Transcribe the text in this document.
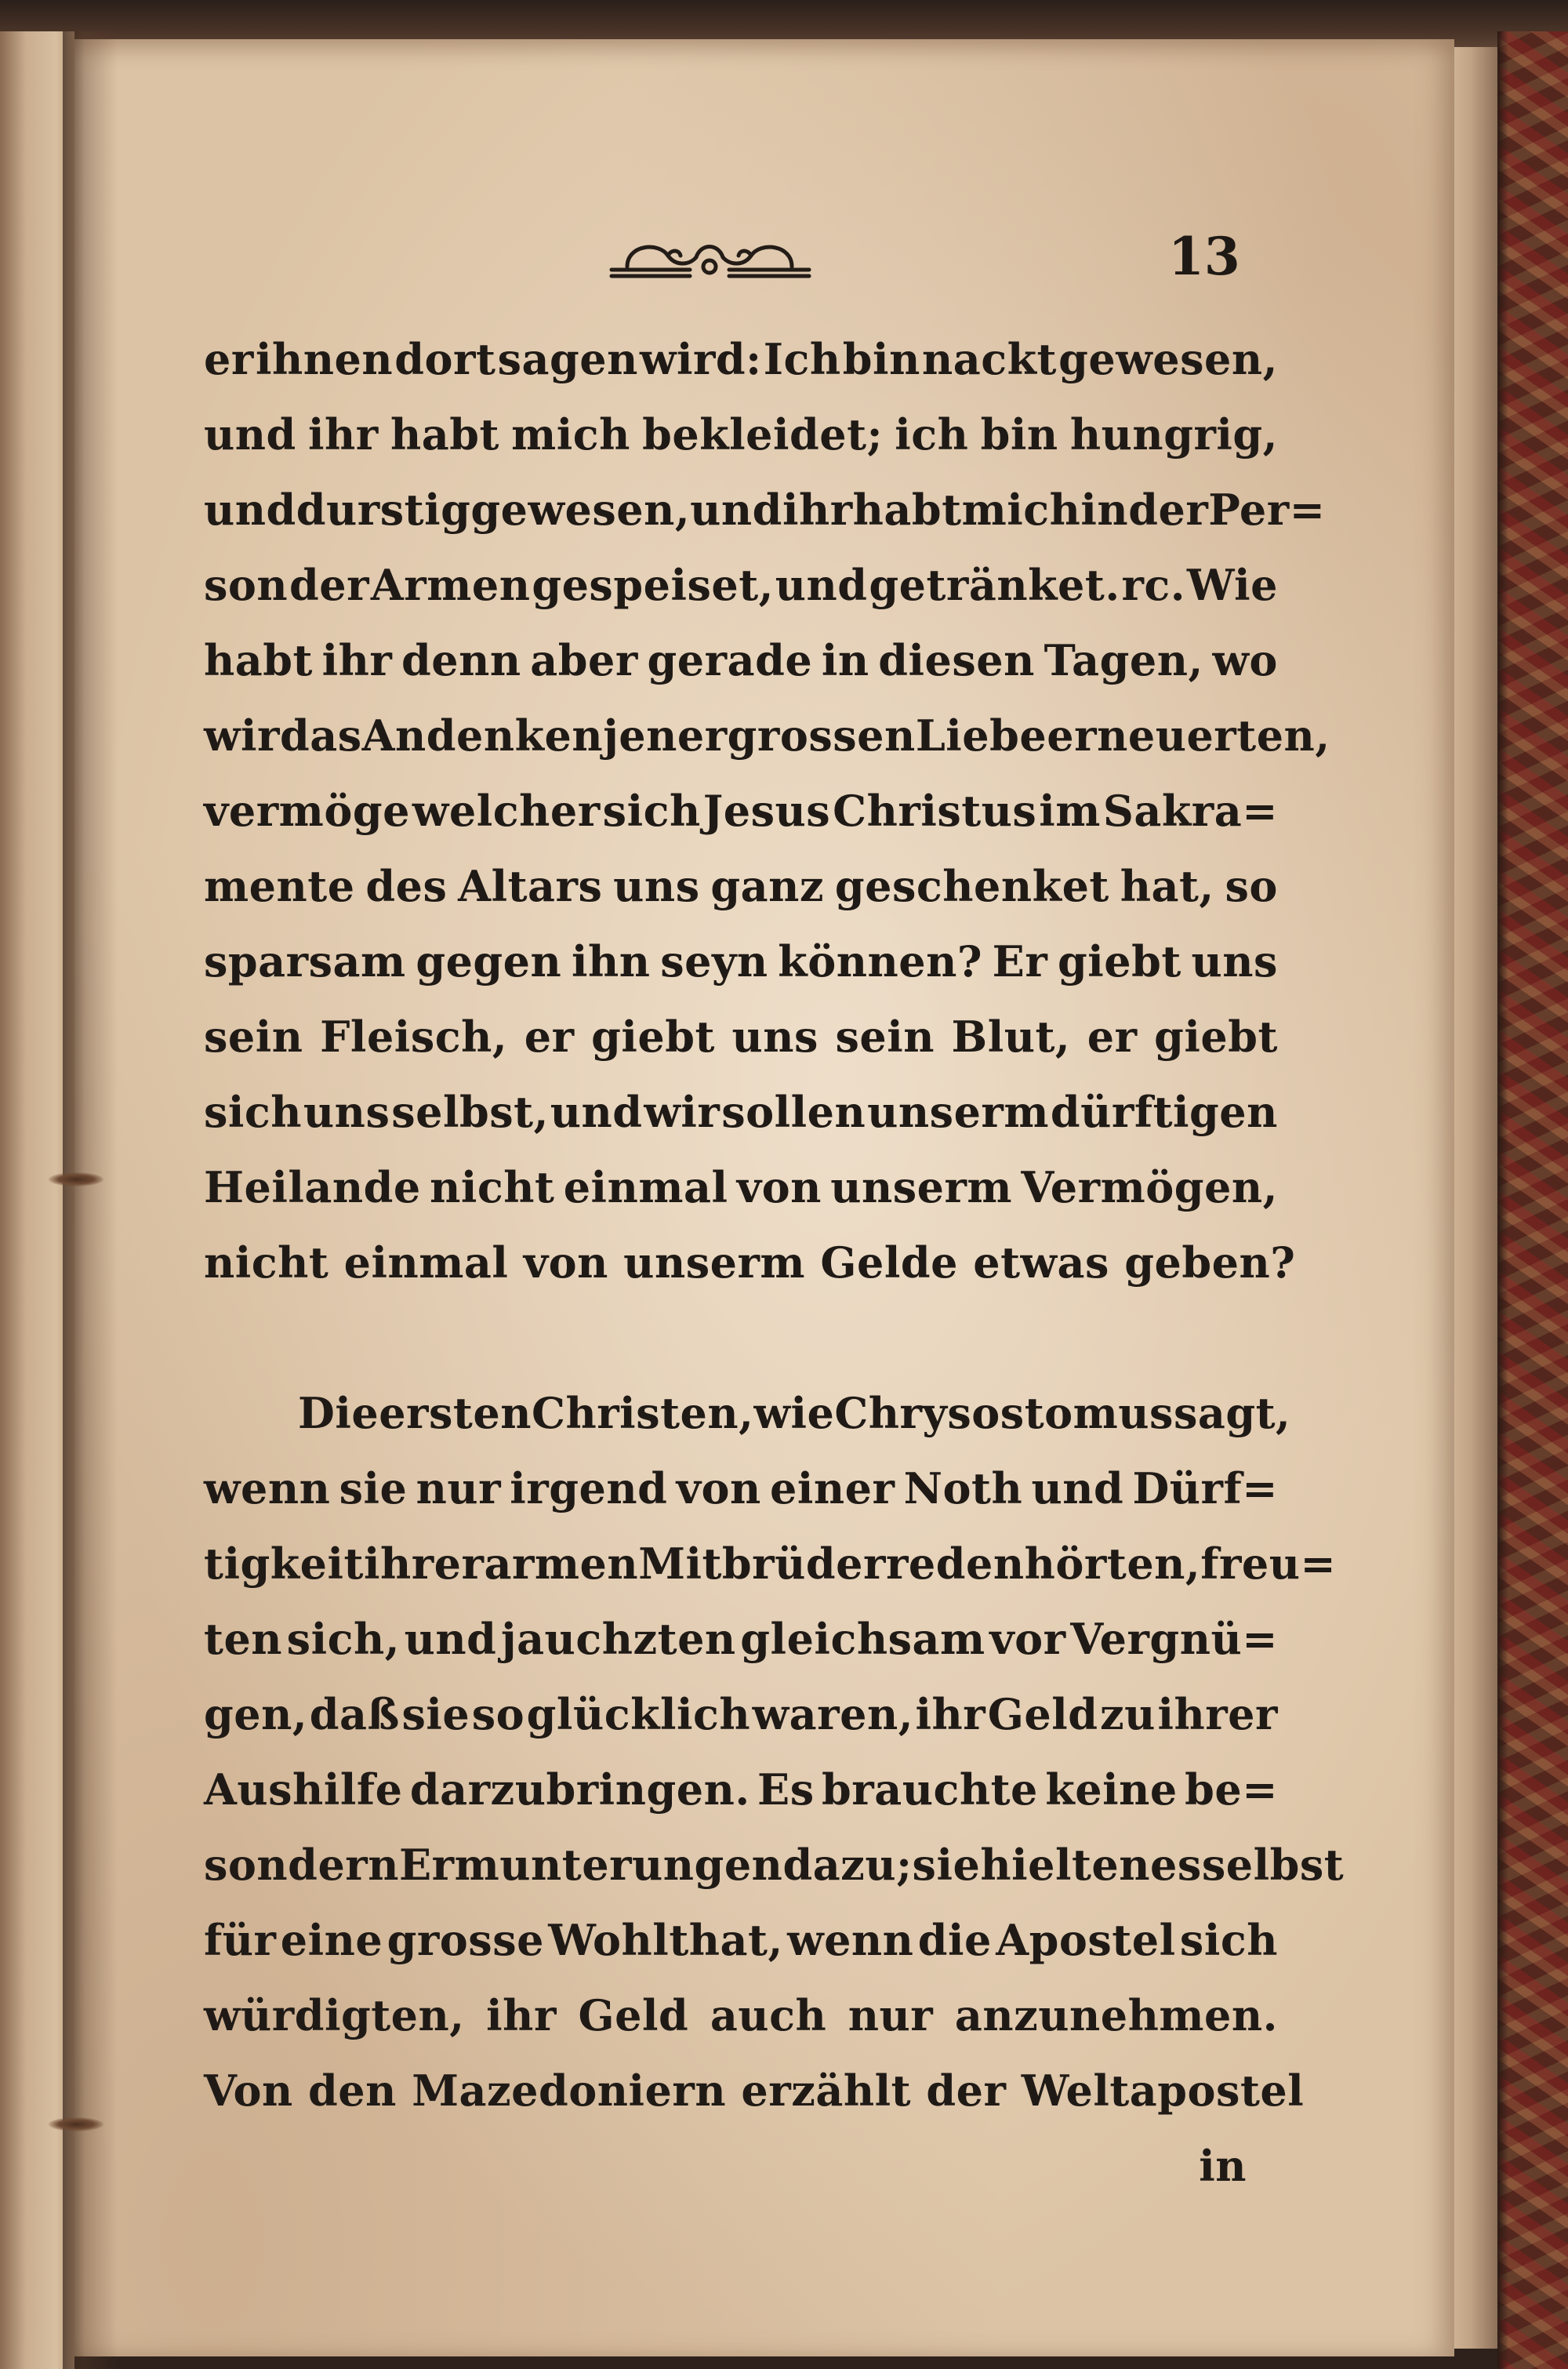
13
er ihnen dort sagen wird: Ich bin nackt gewesen,
und ihr habt mich bekleidet; ich bin hungrig,
und durstig gewesen, und ihr habt mich in der Per=
son der Armen gespeiset, und getränket. rc. Wie
habt ihr denn aber gerade in diesen Tagen, wo
wir das Andenken jener grossen Liebe erneuerten,
vermöge welcher sich Jesus Christus im Sakra=
mente des Altars uns ganz geschenket hat, so
sparsam gegen ihn seyn können? Er giebt uns
sein Fleisch, er giebt uns sein Blut, er giebt
sich uns selbst, und wir sollen unserm dürftigen
Heilande nicht einmal von unserm Vermögen,
nicht einmal von unserm Gelde etwas geben?
Die ersten Christen, wie Chrysostomus sagt,
wenn sie nur irgend von einer Noth und Dürf=
tigkeit ihrer armen Mitbrüder reden hörten, freu=
ten sich, und jauchzten gleichsam vor Vergnü=
gen, daß sie so glücklich waren, ihr Geld zu ihrer
Aushilfe darzubringen. Es brauchte keine be=
sondern Ermunterungen dazu; sie hielten es selbst
für eine grosse Wohlthat, wenn die Apostel sich
würdigten, ihr Geld auch nur anzunehmen.
Von den Mazedoniern erzählt der Weltapostel
in
